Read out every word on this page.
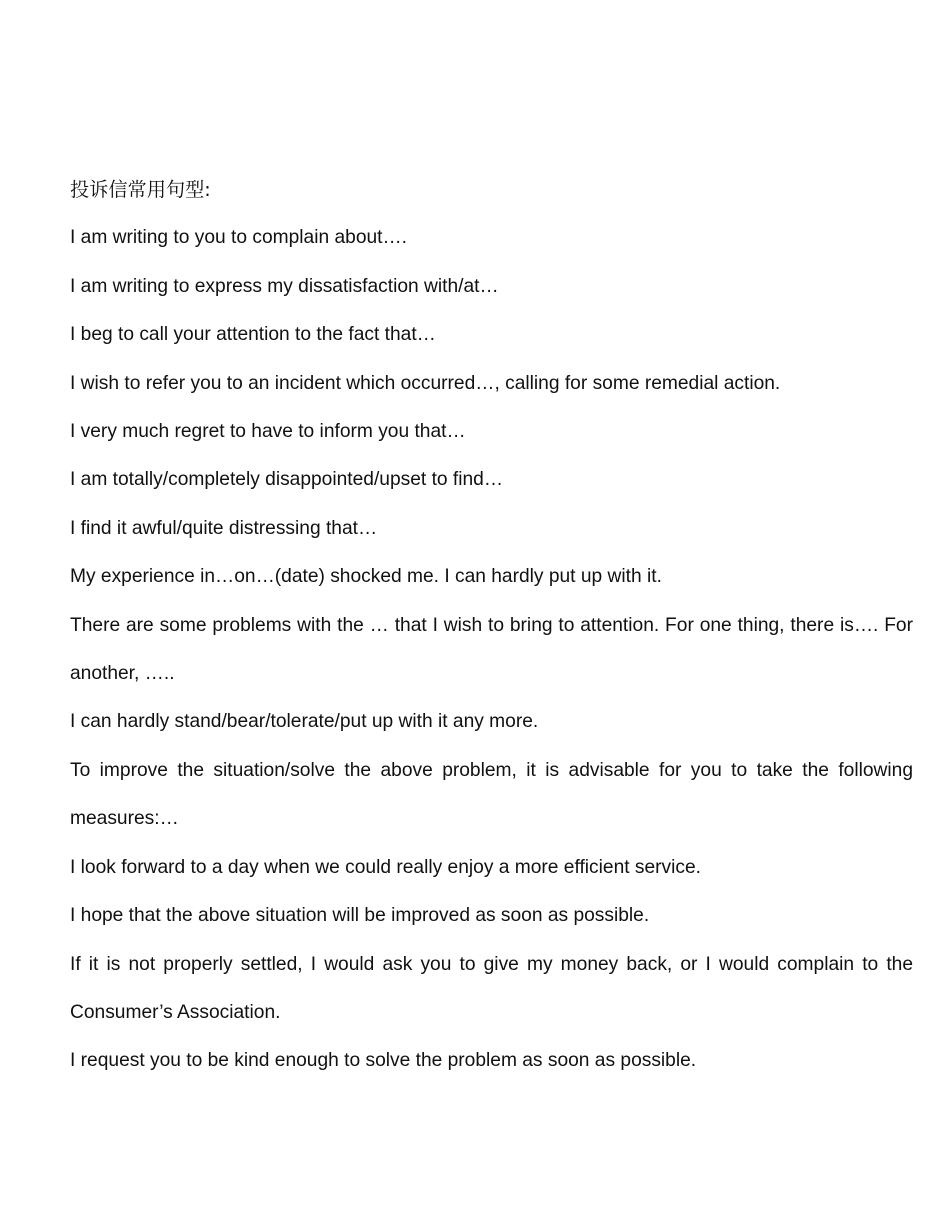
投诉信常用句型:

I am writing to you to complain about….

I am writing to express my dissatisfaction with/at…

I beg to call your attention to the fact that…

I wish to refer you to an incident which occurred…, calling for some remedial action.

I very much regret to have to inform you that…

I am totally/completely disappointed/upset to find…

I find it awful/quite distressing that…

My experience in…on…(date) shocked me. I can hardly put up with it.

There are some problems with the … that I wish to bring to attention. For one thing, there is…. For another, …..

I can hardly stand/bear/tolerate/put up with it any more.

To improve the situation/solve the above problem, it is advisable for you to take the following measures:…

I look forward to a day when we could really enjoy a more efficient service.

I hope that the above situation will be improved as soon as possible.

If it is not properly settled, I would ask you to give my money back, or I would complain to the Consumer’s Association.

I request you to be kind enough to solve the problem as soon as possible.
